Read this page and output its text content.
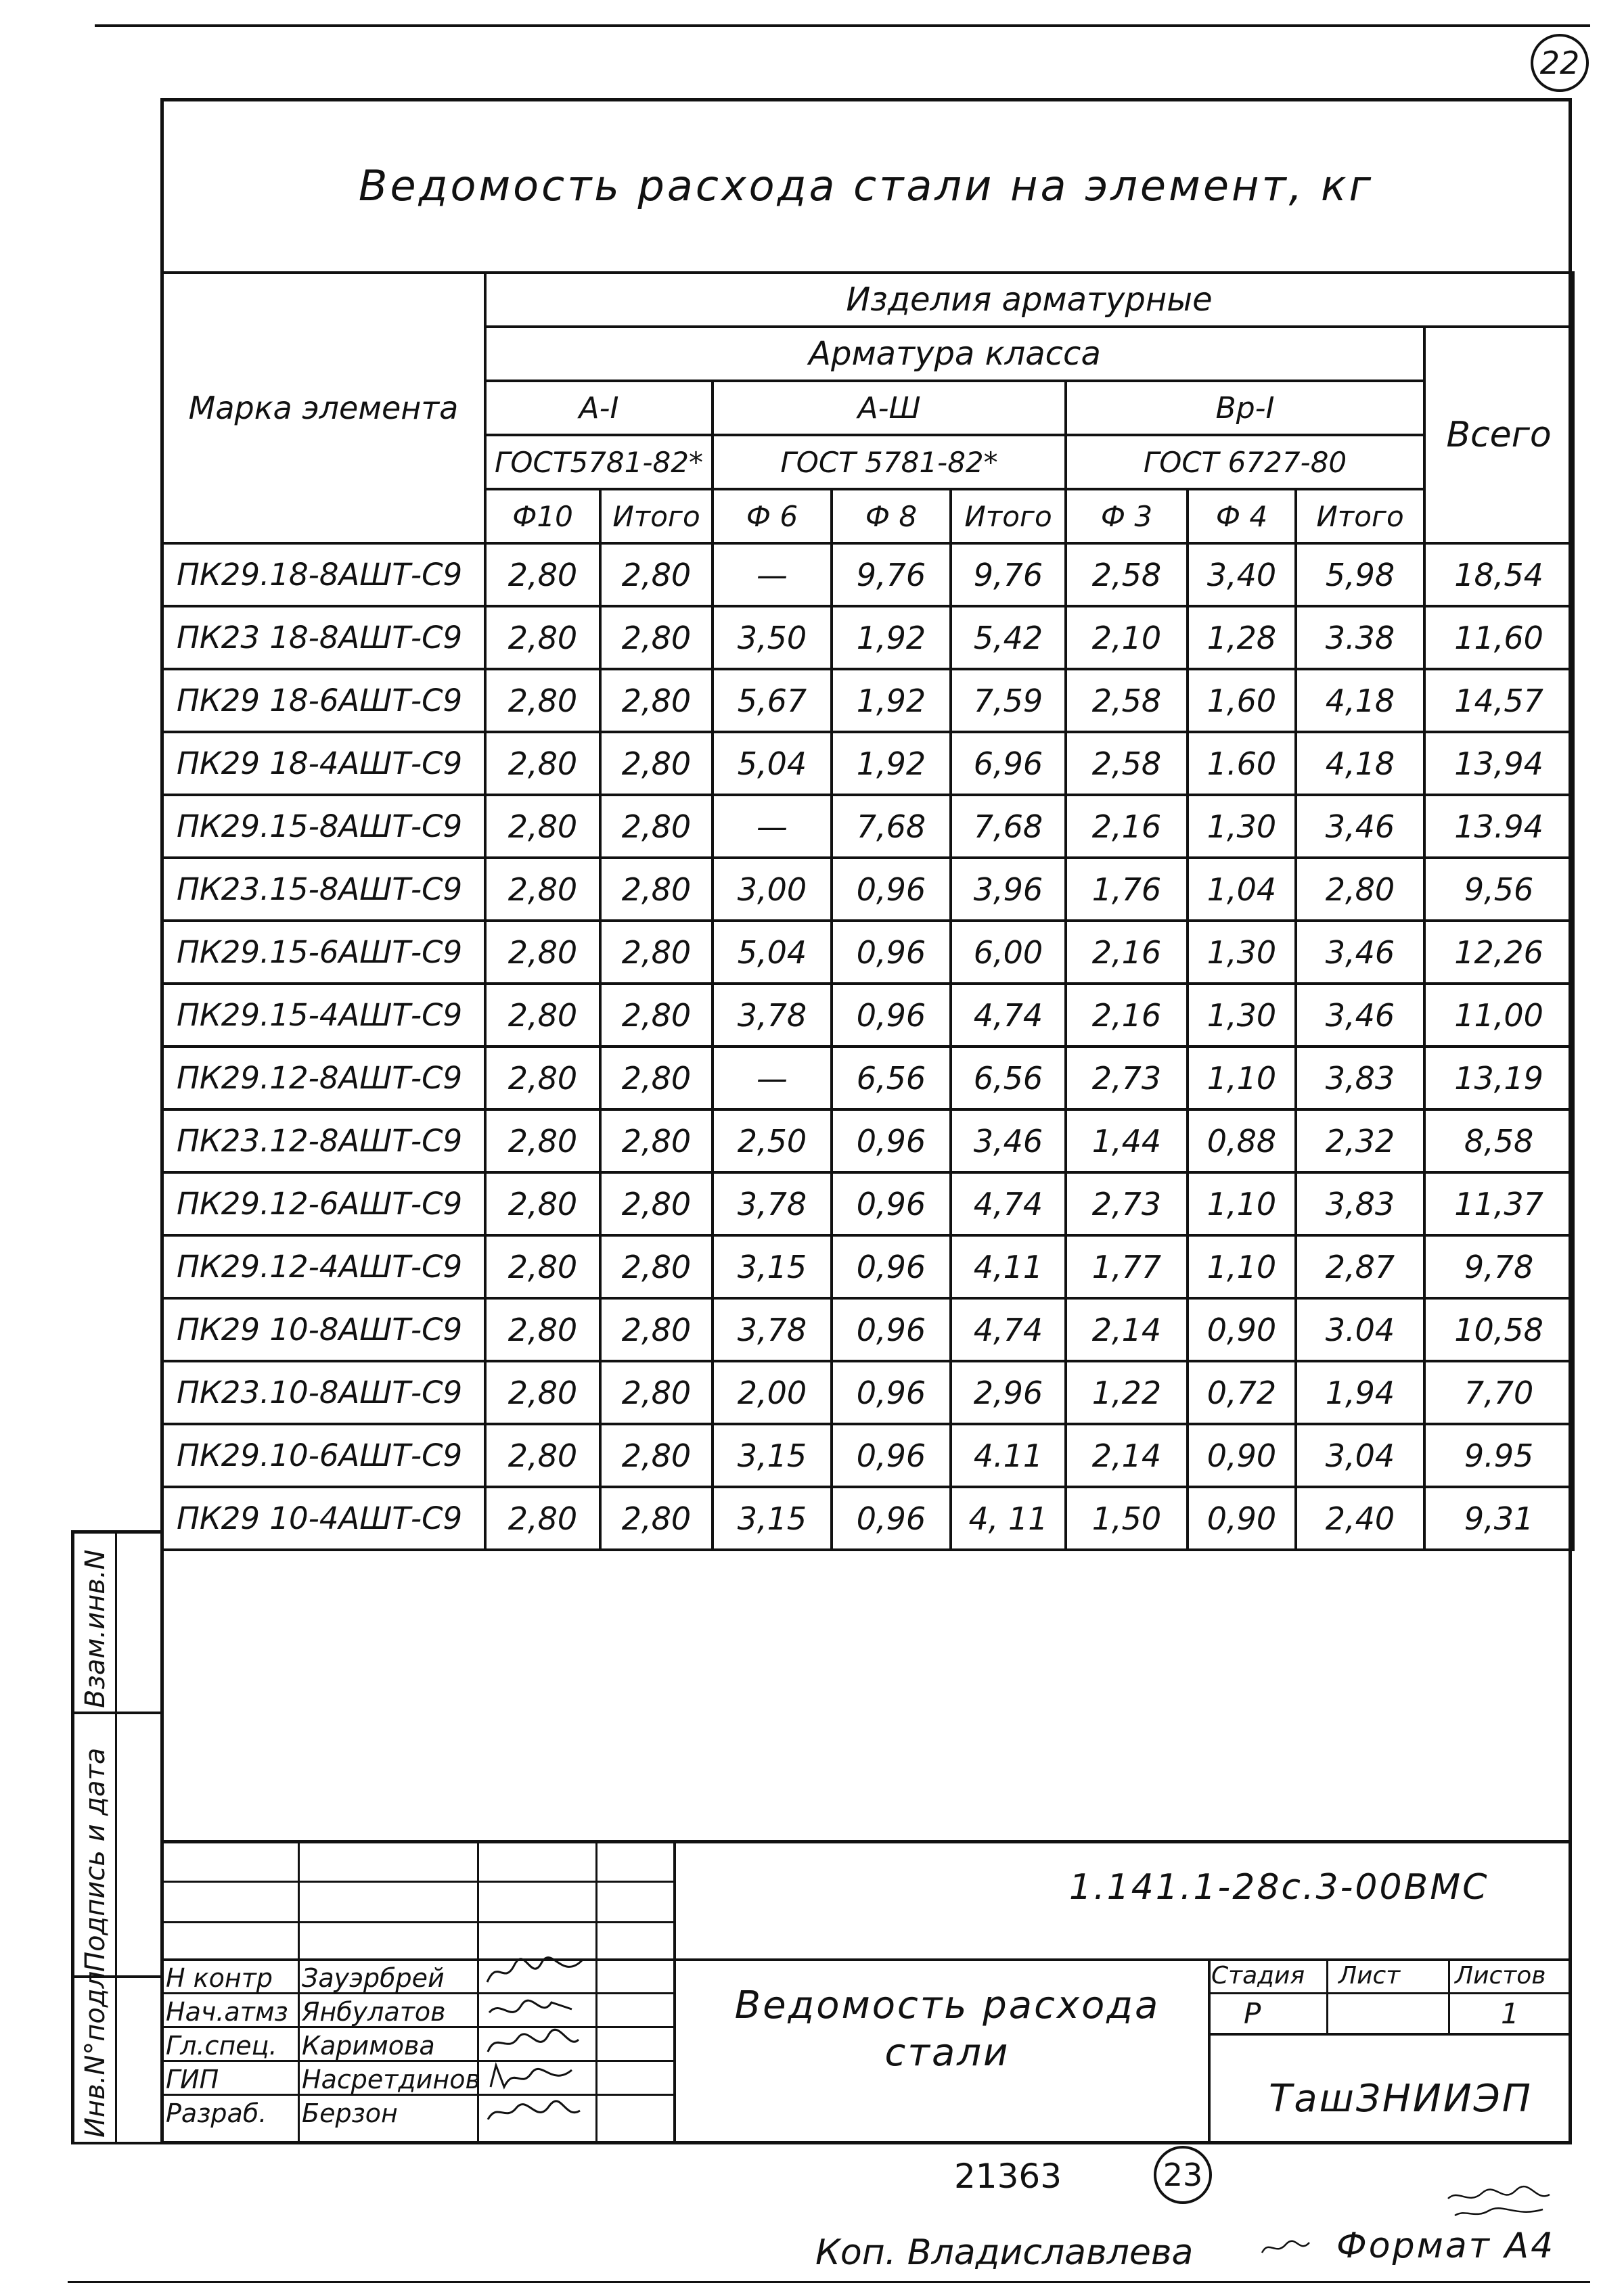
22
Ведомость расхода стали на элемент, кг
Марка элемента	Изделия арматурные								
	Арматура класса								Всего
	А-I		А-Ш			Вр-I			
	ГОСТ5781-82*		ГОСТ 5781-82*			ГОСТ 6727-80			
	Ф10	Итого	Ф 6	Ф 8	Итого	Ф 3	Ф 4	Итого	
ПК29.18-8АШТ-С9	2,80	2,80	—	9,76	9,76	2,58	3,40	5,98	18,54
ПК23 18-8АШТ-С9	2,80	2,80	3,50	1,92	5,42	2,10	1,28	3.38	11,60
ПК29 18-6АШТ-С9	2,80	2,80	5,67	1,92	7,59	2,58	1,60	4,18	14,57
ПК29 18-4АШТ-С9	2,80	2,80	5,04	1,92	6,96	2,58	1.60	4,18	13,94
ПК29.15-8АШТ-С9	2,80	2,80	—	7,68	7,68	2,16	1,30	3,46	13.94
ПК23.15-8АШТ-С9	2,80	2,80	3,00	0,96	3,96	1,76	1,04	2,80	9,56
ПК29.15-6АШТ-С9	2,80	2,80	5,04	0,96	6,00	2,16	1,30	3,46	12,26
ПК29.15-4АШТ-С9	2,80	2,80	3,78	0,96	4,74	2,16	1,30	3,46	11,00
ПК29.12-8АШТ-С9	2,80	2,80	—	6,56	6,56	2,73	1,10	3,83	13,19
ПК23.12-8АШТ-С9	2,80	2,80	2,50	0,96	3,46	1,44	0,88	2,32	8,58
ПК29.12-6АШТ-С9	2,80	2,80	3,78	0,96	4,74	2,73	1,10	3,83	11,37
ПК29.12-4АШТ-С9	2,80	2,80	3,15	0,96	4,11	1,77	1,10	2,87	9,78
ПК29 10-8АШТ-С9	2,80	2,80	3,78	0,96	4,74	2,14	0,90	3.04	10,58
ПК23.10-8АШТ-С9	2,80	2,80	2,00	0,96	2,96	1,22	0,72	1,94	7,70
ПК29.10-6АШТ-С9	2,80	2,80	3,15	0,96	4.11	2,14	0,90	3,04	9.95
ПК29 10-4АШТ-С9	2,80	2,80	3,15	0,96	4, 11	1,50	0,90	2,40	9,31
Взам.инв.N
Подпись и дата
Инв.N°подл
1.141.1-28с.3-00ВМС
Н контр
Нач.атмз
Гл.спец.
ГИП
Разраб.
Зауэрбрей
Янбулатов
Каримова
Насретдинов
Берзон
Ведомость расхода стали
Стадия Лист Листов
Р	1
ТашЗНИИЭП
21363	23
Коп. Владиславлева	Формат А4
